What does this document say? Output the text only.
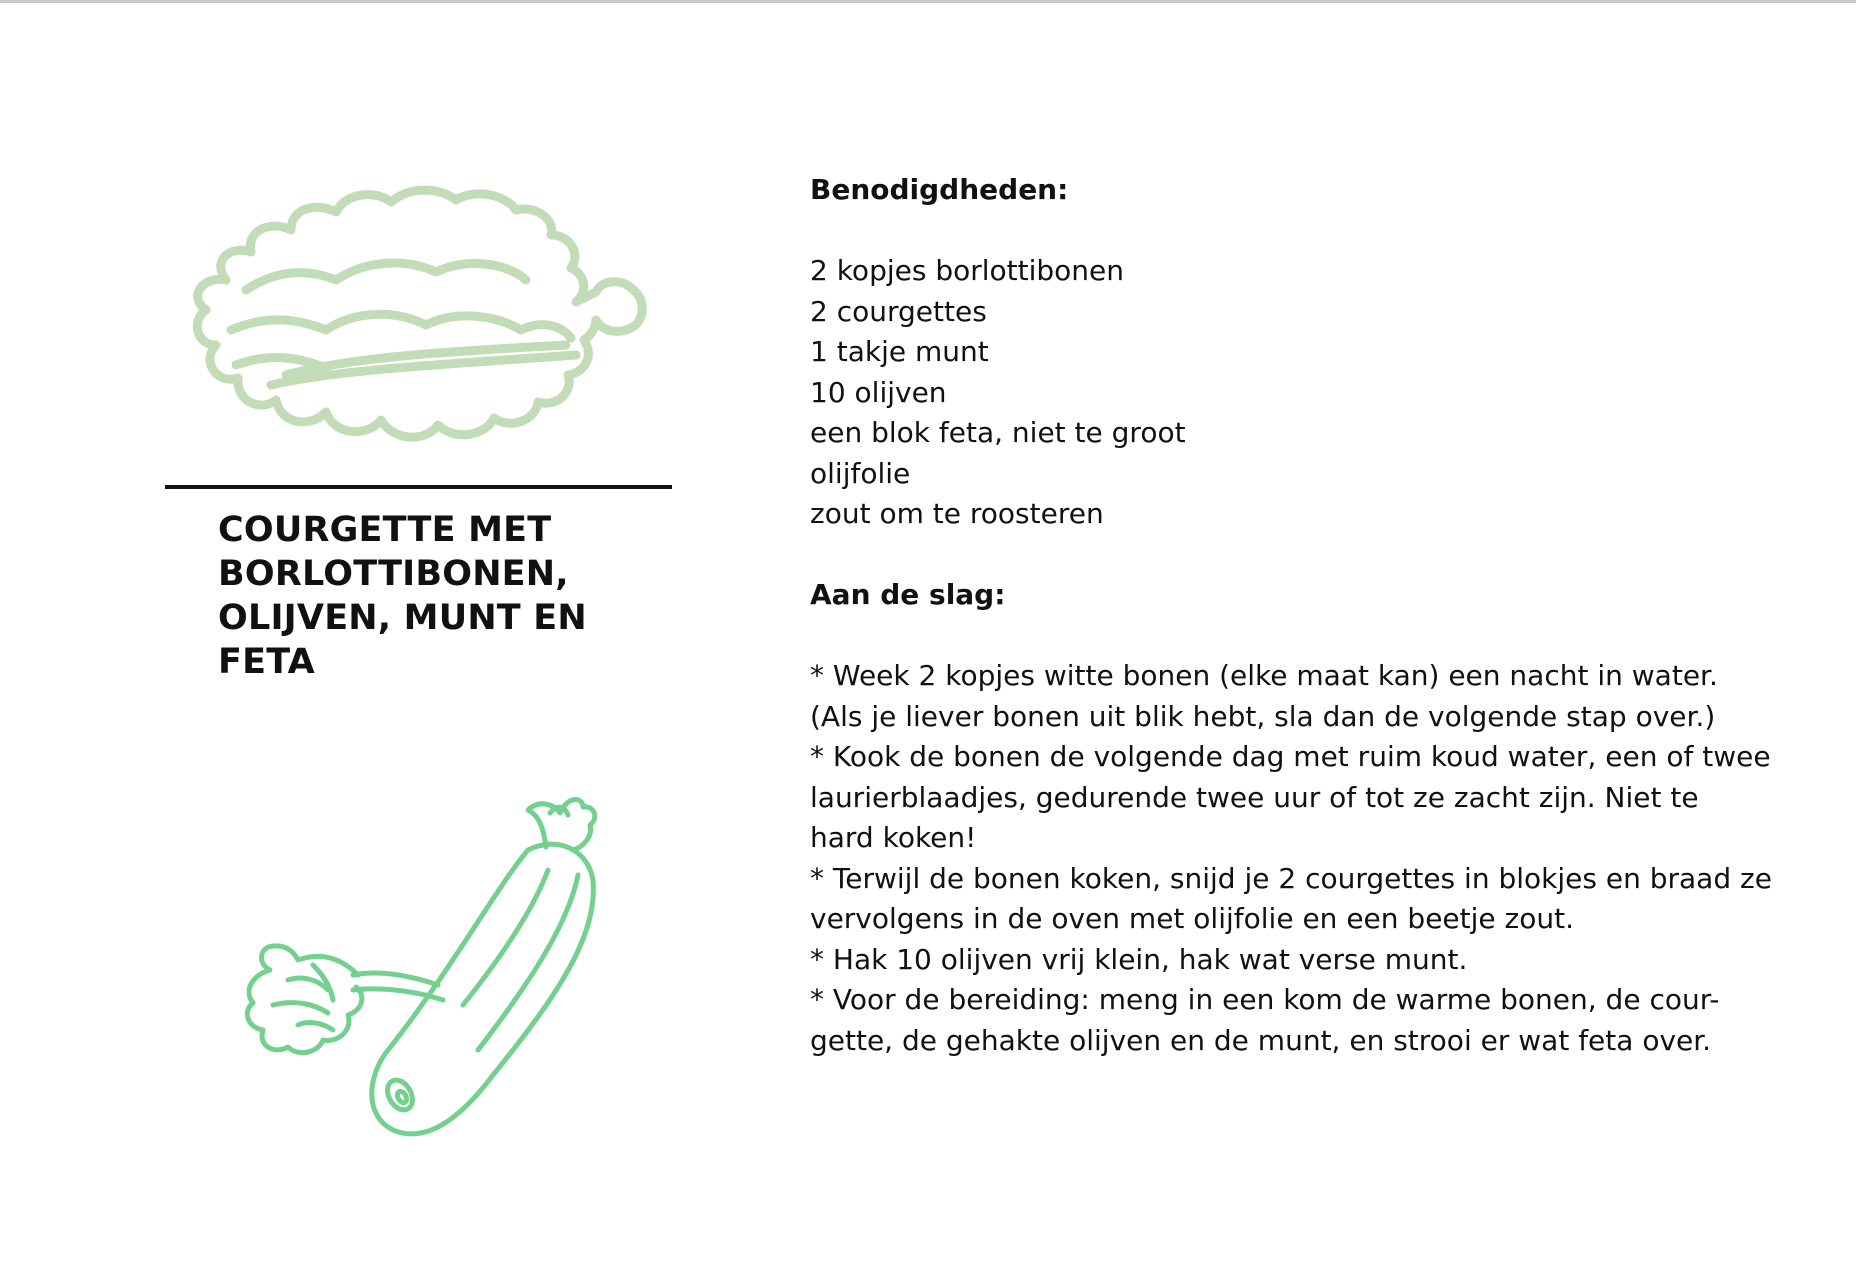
COURGETTE MET
BORLOTTIBONEN,
OLIJVEN, MUNT EN
FETA
Benodigdheden:
2 kopjes borlottibonen
2 courgettes
1 takje munt
10 olijven
een blok feta, niet te groot
olijfolie
zout om te roosteren
Aan de slag:
* Week 2 kopjes witte bonen (elke maat kan) een nacht in water.
(Als je liever bonen uit blik hebt, sla dan de volgende stap over.)
* Kook de bonen de volgende dag met ruim koud water, een of twee
laurierblaadjes, gedurende twee uur of tot ze zacht zijn. Niet te
hard koken!
* Terwijl de bonen koken, snijd je 2 courgettes in blokjes en braad ze
vervolgens in de oven met olijfolie en een beetje zout.
* Hak 10 olijven vrij klein, hak wat verse munt.
* Voor de bereiding: meng in een kom de warme bonen, de cour-
gette, de gehakte olijven en de munt, en strooi er wat feta over.
